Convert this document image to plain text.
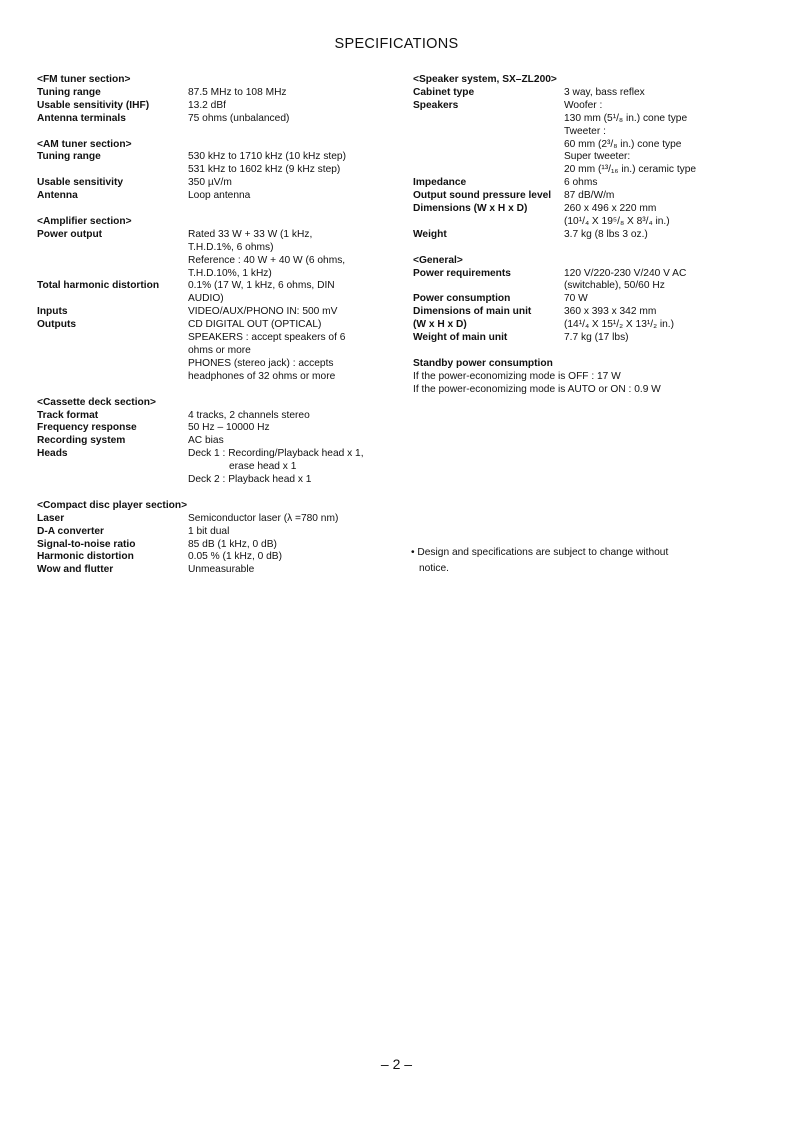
SPECIFICATIONS
<FM tuner section>
Tuning range	87.5 MHz to 108 MHz
Usable sensitivity (IHF)	13.2 dBf
Antenna terminals	75 ohms (unbalanced)
<AM tuner section>
Tuning range	530 kHz to 1710 kHz (10 kHz step)
531 kHz to 1602 kHz (9 kHz step)
Usable sensitivity	350 µV/m
Antenna	Loop antenna
<Amplifier section>
Power output	Rated 33 W + 33 W (1 kHz,
T.H.D.1%, 6 ohms)
Reference : 40 W + 40 W (6 ohms,
T.H.D.10%, 1 kHz)
Total harmonic distortion	0.1% (17 W, 1 kHz, 6 ohms, DIN
AUDIO)
Inputs	VIDEO/AUX/PHONO IN: 500 mV
Outputs	CD DIGITAL OUT (OPTICAL)
SPEAKERS : accept speakers of 6
ohms or more
PHONES (stereo jack) : accepts
headphones of 32 ohms or more
<Cassette deck section>
Track format	4 tracks, 2 channels stereo
Frequency response	50 Hz – 10000 Hz
Recording system	AC bias
Heads	Deck 1 : Recording/Playback head x 1,
erase head x 1
Deck 2 : Playback head x 1
<Compact disc player section>
Laser	Semiconductor laser (λ =780 nm)
D-A converter	1 bit dual
Signal-to-noise ratio	85 dB (1 kHz, 0 dB)
Harmonic distortion	0.05 % (1 kHz, 0 dB)
Wow and flutter	Unmeasurable
<Speaker system, SX–ZL200>
Cabinet type	3 way, bass reflex
Speakers	Woofer :
130 mm (5¹/₈ in.) cone type
Tweeter :
60 mm (2³/₈ in.) cone type
Super tweeter:
20 mm (¹³/₁₆ in.) ceramic type
Impedance	6 ohms
Output sound pressure level	87 dB/W/m
Dimensions (W x H x D)	260 x 496 x 220 mm
(10¹/₄ X 19⁵/₈ X 8³/₄ in.)
Weight	3.7 kg (8 lbs 3 oz.)
<General>
Power requirements	120 V/220-230 V/240 V AC
(switchable), 50/60 Hz
Power consumption	70 W
Dimensions of main unit	360 x 393 x 342 mm
(W x H x D)	(14¹/₄ X 15¹/₂ X 13¹/₂ in.)
Weight of main unit	7.7 kg (17 lbs)
Standby power consumption
If the power-economizing mode is OFF : 17 W
If the power-economizing mode is AUTO or ON : 0.9 W
• Design and specifications are subject to change without
notice.
– 2 –
